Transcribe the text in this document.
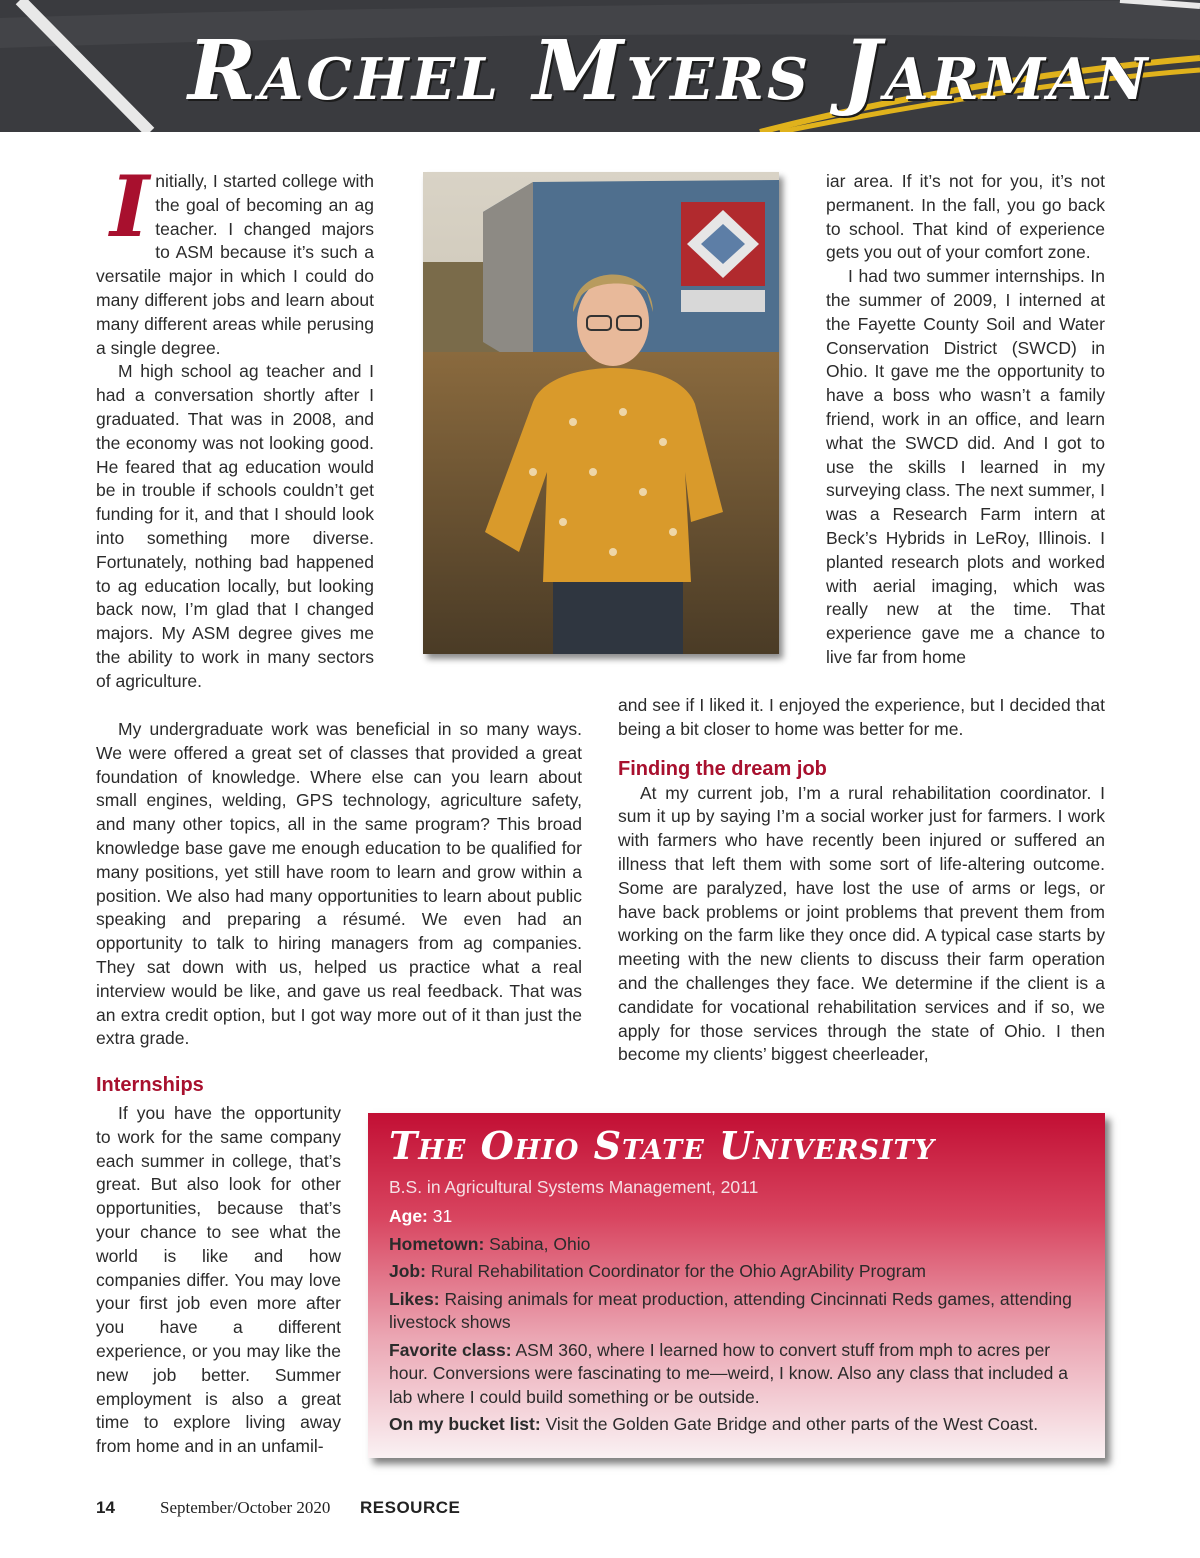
Rachel Myers Jarman
I nitially, I started college with the goal of becoming an ag teacher. I changed majors to ASM because it’s such a versatile major in which I could do many different jobs and learn about many different areas while perusing a single degree.

M high school ag teacher and I had a conversation shortly after I graduated. That was in 2008, and the economy was not looking good. He feared that ag education would be in trouble if schools couldn’t get funding for it, and that I should look into something more diverse. Fortunately, nothing bad happened to ag education locally, but looking back now, I’m glad that I changed majors. My ASM degree gives me the ability to work in many sectors of agriculture.

My undergraduate work was beneficial in so many ways. We were offered a great set of classes that provided a great foundation of knowledge. Where else can you learn about small engines, welding, GPS technology, agriculture safety, and many other topics, all in the same program? This broad knowledge base gave me enough education to be qualified for many positions, yet still have room to learn and grow within a position. We also had many opportunities to learn about public speaking and preparing a résumé. We even had an opportunity to talk to hiring managers from ag companies. They sat down with us, helped us practice what a real interview would be like, and gave us real feedback. That was an extra credit option, but I got way more out of it than just the extra grade.

Internships

If you have the opportunity to work for the same company each summer in college, that’s great. But also look for other opportunities, because that’s your chance to see what the world is like and how companies differ. You may love your first job even more after you have a different experience, or you may like the new job better. Summer employment is also a great time to explore living away from home and in an unfamil-

iar area. If it’s not for you, it’s not permanent. In the fall, you go back to school. That kind of experience gets you out of your comfort zone.

I had two summer internships. In the summer of 2009, I interned at the Fayette County Soil and Water Conservation District (SWCD) in Ohio. It gave me the opportunity to have a boss who wasn’t a family friend, work in an office, and learn what the SWCD did. And I got to use the skills I learned in my surveying class. The next summer, I was a Research Farm intern at Beck’s Hybrids in LeRoy, Illinois. I planted research plots and worked with aerial imaging, which was really new at the time. That experience gave me a chance to live far from home

and see if I liked it. I enjoyed the experience, but I decided that being a bit closer to home was better for me.

Finding the dream job

At my current job, I’m a rural rehabilitation coordinator. I sum it up by saying I’m a social worker just for farmers. I work with farmers who have recently been injured or suffered an illness that left them with some sort of life-altering outcome. Some are paralyzed, have lost the use of arms or legs, or have back problems or joint problems that prevent them from working on the farm like they once did. A typical case starts by meeting with the new clients to discuss their farm operation and the challenges they face. We determine if the client is a candidate for vocational rehabilitation services and if so, we apply for those services through the state of Ohio. I then become my clients’ biggest cheerleader,

The Ohio State University
B.S. in Agricultural Systems Management, 2011
Age: 31
Hometown: Sabina, Ohio
Job: Rural Rehabilitation Coordinator for the Ohio AgrAbility Program
Likes: Raising animals for meat production, attending Cincinnati Reds games, attending livestock shows
Favorite class: ASM 360, where I learned how to convert stuff from mph to acres per hour. Conversions were fascinating to me—weird, I know. Also any class that included a lab where I could build something or be outside.
On my bucket list: Visit the Golden Gate Bridge and other parts of the West Coast.
14	September/October 2020 RESOURCE
